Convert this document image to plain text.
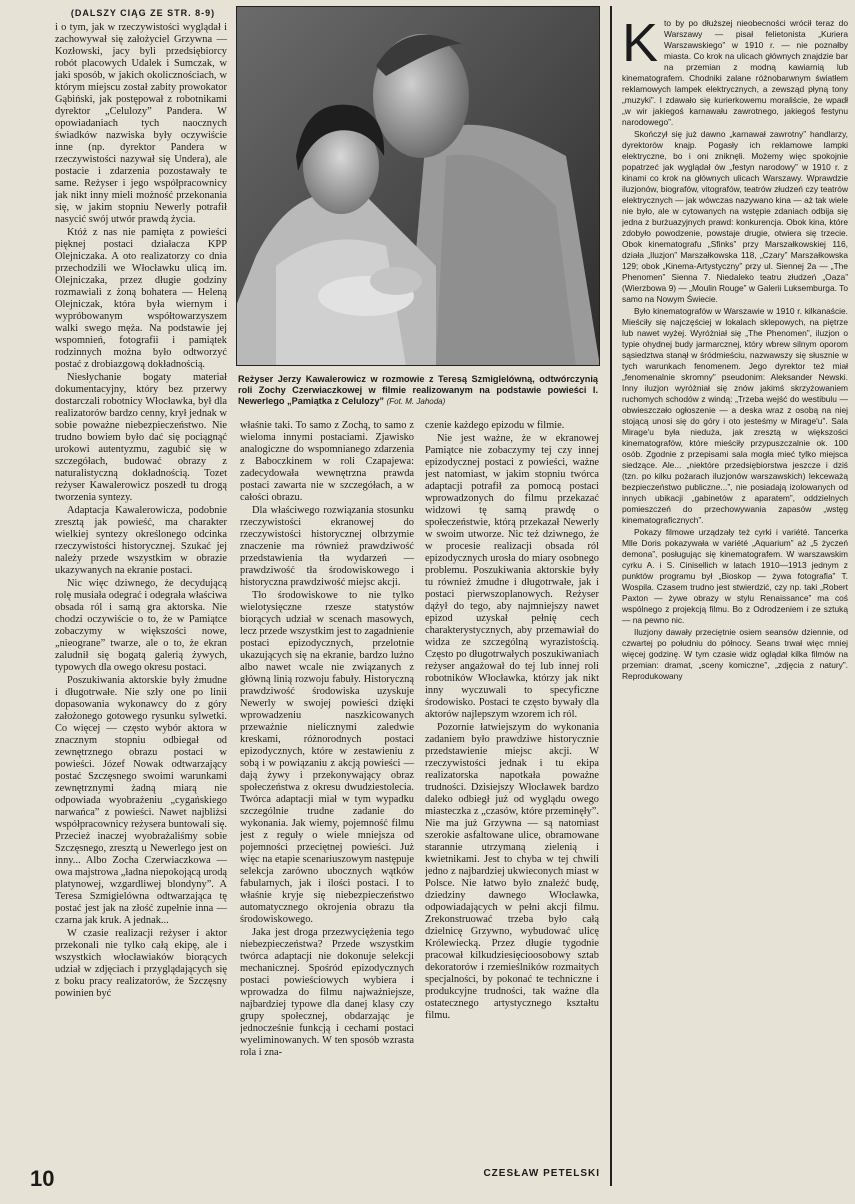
(DALSZY CIĄG ZE STR. 8-9)

i o tym, jak w rzeczywistości wyglądał i zachowywał się założyciel Grzywna — Kozłowski, jacy byli przedsiębiorcy robót placowych Udalek i Sumczak, w jaki sposób, w jakich okolicznościach, w którym miejscu został zabity prowokator Gąbiński, jak postępował z robotnikami dyrektor „Celulozy” Pandera. W opowiadaniach tych naocznych świadków nazwiska były oczywiście inne (np. dyrektor Pandera w rzeczywistości nazywał się Undera), ale postacie i zdarzenia pozostawały te same. Reżyser i jego współpracownicy jak nikt inny mieli możność przekonania się, w jakim stopniu Newerly potrafił nasycić swój utwór prawdą życia.

Któż z nas nie pamięta z powieści pięknej postaci działacza KPP Olejniczaka. A oto realizatorzy co dnia przechodzili we Włocławku ulicą im. Olejniczaka, przez długie godziny rozmawiali z żoną bohatera — Heleną Olejniczak, która była wiernym i wypróbowanym współtowarzyszem walki swego męża. Na podstawie jej wspomnień, fotografii i pamiątek rodzinnych można było odtworzyć postać z drobiazgową dokładnością.

Niesłychanie bogaty materiał dokumentacyjny, który bez przerwy dostarczali robotnicy Włocławka, był dla realizatorów bardzo cenny, krył jednak w sobie poważne niebezpieczeństwo. Nie trudno bowiem było dać się pociągnąć urokowi autentyzmu, zagubić się w szczegółach, budować obrazy z naturalistyczną dokładnością. Tozet reżyser Kawalerowicz poszedł tu drogą tworzenia syntezy.

Adaptacja Kawalerowicza, podobnie zresztą jak powieść, ma charakter wielkiej syntezy określonego odcinka rzeczywistości historycznej. Szukać jej należy przede wszystkim w obrazie ukazywanych na ekranie postaci.

Nic więc dziwnego, że decydującą rolę musiała odegrać i odegrała właściwa obsada ról i samą gra aktorska. Nie chodzi oczywiście o to, że w Pamiątce zobaczymy w większości nowe, „nieograne” twarze, ale o to, że ekran zaludnił się bogatą galerią żywych, typowych dla owego okresu postaci.

Poszukiwania aktorskie były żmudne i długotrwałe. Nie szły one po linii dopasowania wykonawcy do z góry założonego gotowego rysunku sylwetki. Co więcej — często wybór aktora w znacznym stopniu odbiegał od zewnętrznego obrazu postaci w powieści. Józef Nowak odtwarzający postać Szczęsnego swoimi warunkami zewnętrznymi żadną miarą nie odpowiada wyobrażeniu „cygańskiego narwańca” z powieści. Nawet najbliżsi współpracownicy reżysera buntowali się. Przecież inaczej wyobrażaliśmy sobie Szczęsnego, zresztą u Newerlego jest on inny... Albo Zocha Czerwiaczkowa — owa majstrowa „ładna niepokojącą urodą platynowej, wzgardliwej blondyny”. A Teresa Szmigielówna odtwarzająca tę postać jest jak na złość zupełnie inna — czarna jak kruk. A jednak...

W czasie realizacji reżyser i aktor przekonali nie tylko całą ekipę, ale i wszystkich włocławiaków biorących udział w zdjęciach i przyglądających się z boku pracy realizatorów, że Szczęsny powinien być

Reżyser Jerzy Kawalerowicz w rozmowie z Teresą Szmiglelówną, odtwórczynią roli Zochy Czerwiaczkowej w filmie realizowanym na podstawie powieści I. Newerlego „Pamiątka z Celulozy” (Fot. M. Jahoda)

właśnie taki. To samo z Zochą, to samo z wieloma innymi postaciami. Zjawisko analogiczne do wspomnianego zdarzenia z Baboczkinem w roli Czapajewa: zadecydowała wewnętrzna prawda postaci zawarta nie w szczegółach, a w całości obrazu.

Dla właściwego rozwiązania stosunku rzeczywistości ekranowej do rzeczywistości historycznej olbrzymie znaczenie ma również prawdziwość przedstawienia tła wydarzeń — prawdziwość tła środowiskowego i historyczna prawdziwość miejsc akcji.

Tło środowiskowe to nie tylko wielotysięczne rzesze statystów biorących udział w scenach masowych, lecz przede wszystkim jest to zagadnienie postaci epizodycznych, przelotnie ukazujących się na ekranie, bardzo luźno albo nawet wcale nie związanych z główną linią rozwoju fabuły. Historyczną prawdziwość środowiska uzyskuje Newerly w swojej powieści dzięki wprowadzeniu naszkicowanych przeważnie nielicznymi zaledwie kreskami, różnorodnych postaci epizodycznych, które w zestawieniu z sobą i w powiązaniu z akcją powieści — dają żywy i przekonywający obraz społeczeństwa z okresu dwudziestolecia. Twórca adaptacji miał w tym wypadku szczególnie trudne zadanie do wykonania. Jak wiemy, pojemność filmu jest z reguły o wiele mniejsza od pojemności przeciętnej powieści. Już więc na etapie scenariuszowym następuje selekcja zarówno ubocznych wątków fabularnych, jak i ilości postaci. I to właśnie kryje się niebezpieczeństwo automatycznego okrojenia obrazu tła środowiskowego.

Jaka jest droga przezwyciężenia tego niebezpieczeństwa? Przede wszystkim twórca adaptacji nie dokonuje selekcji mechanicznej. Spośród epizodycznych postaci powieściowych wybiera i wprowadza do filmu najważniejsze, najbardziej typowe dla danej klasy czy grupy społecznej, obdarzając je jednocześnie funkcją i cechami postaci wyeliminowanych. W ten sposób wzrasta rola i zna-

czenie każdego epizodu w filmie.

Nie jest ważne, że w ekranowej Pamiątce nie zobaczymy tej czy innej epizodycznej postaci z powieści, ważne jest natomiast, w jakim stopniu twórca adaptacji potrafił za pomocą postaci wprowadzonych do filmu przekazać widzowi tę samą prawdę o społeczeństwie, którą przekazał Newerly w swoim utworze. Nic też dziwnego, że w procesie realizacji obsada ról epizodycznych urosła do miary osobnego problemu. Poszukiwania aktorskie były tu również żmudne i długotrwałe, jak i postaci pierwszoplanowych. Reżyser dążył do tego, aby najmniejszy nawet epizod uzyskał pełnię cech charakterystycznych, aby przemawiał do widza ze szczególną wyrazistością. Często po długotrwałych poszukiwaniach reżyser angażował do tej lub innej roli robotników Włocławka, którzy jak nikt inny wyczuwali to specyficzne środowisko. Postaci te często bywały dla aktorów najlepszym wzorem ich ról.

Pozornie łatwiejszym do wykonania zadaniem było prawdziwe historycznie przedstawienie miejsc akcji. W rzeczywistości jednak i tu ekipa realizatorska napotkała poważne trudności. Dzisiejszy Włocławek bardzo daleko odbiegł już od wyglądu owego miasteczka z „czasów, które przeminęły”. Nie ma już Grzywna — są natomiast szerokie asfaltowane ulice, obramowane starannie utrzymaną zielenią i kwietnikami. Jest to chyba w tej chwili jedno z najbardziej ukwieconych miast w Polsce. Nie łatwo było znaleźć budę, dziedziny dawnego Włocławka, odpowiadających w pełni akcji filmu. Zrekonstruować trzeba było całą dzielnicę Grzywno, wybudować ulicę Królewiecką. Przez długie tygodnie pracował kilkudziesięcioosobowy sztab dekoratorów i rzemieślników rozmaitych specjalności, by pokonać te techniczne i produkcyjne trudności, tak ważne dla ostatecznego artystycznego kształtu filmu.

CZESŁAW PETELSKI
K to by po dłuższej nieobecności wrócił teraz do Warszawy — pisał felietonista „Kuriera Warszawskiego” w 1910 r. — nie poznałby miasta. Co krok na ulicach głównych znajdzie bar na przemian z modną kawiarnią lub kinematografem. Chodniki zalane różnobarwnym światłem reklamowych lampek elektrycznych, a zewsząd płyną tony „muzyki”. I zdawało się kurierkowemu moraliście, że wpadł „w wir jakiegoś karnawału zawrotnego, jakiegoś festynu narodowego”.

Skończył się już dawno „karnawał zawrotny” handlarzy, dyrektorów knajp. Pogasły ich reklamowe lampki elektryczne, bo i oni zniknęli. Możemy więc spokojnie popatrzeć jak wyglądał ów „festyn narodowy” w 1910 r. z kinami co krok na głównych ulicach Warszawy. Wprawdzie iluzjonów, biografów, vitografów, teatrów złudzeń czy teatrów elektrycznych — jak wówczas nazywano kina — aż tak wiele nie było, ale w cytowanych na wstępie zdaniach odbija się jedna z burżuazyjnych prawd: konkurencja. Obok kina, które zdobyło powodzenie, powstaje drugie, otwiera się trzecie. Obok kinematografu „Sfinks” przy Marszałkowskiej 116, działa „Iluzjon” Marszałkowska 118, „Czary” Marszałkowska 129; obok „Kinema-Artystyczny” przy ul. Siennej 2a — „The Phenomen” Sienna 7. Niedaleko teatru złudzeń „Oaza” (Wierzbowa 9) — „Moulin Rouge” w Galerii Luksemburga. To samo na Nowym Świecie.

Było kinematografów w Warszawie w 1910 r. kilkanaście. Mieściły się najczęściej w lokalach sklepowych, na piętrze lub nawet wyżej. Wyróżniał się „The Phenomen”, iluzjon o typie ohydnej budy jarmarcznej, który wbrew silnym oporom sąsiedztwa stanął w śródmieściu, nazwawszy się słusznie w tych warunkach fenomenem. Jego dyrektor też miał „fenomenalnie skromny” pseudonim: Aleksander Newski. Inny iluzjon wyróżniał się znów jakimś skrzyżowaniem ruchomych schodów z windą: „Trzeba wejść do westibulu — obwieszczało ogłoszenie — a deska wraz z osobą na niej stojącą unosi się do góry i oto jesteśmy w Mirage'u”. Sala Mirage'u była nieduża, jak zresztą w większości kinematografów, które mieściły przypuszczalnie ok. 100 osób. Zgodnie z przepisami sala mogła mieć tylko miejsca siedzące. Ale... „niektóre przedsiębiorstwa jeszcze i dziś (tzn. po kilku pożarach iluzjonów warszawskich) lekceważą bezpieczeństwo publiczne...”, nie posiadają izolowanych od innych ubikacji „gabinetów z aparatem”, oddzielnych pomieszczeń do przechowywania zapasów „wstęg kinematograficznych”.

Pokazy filmowe urządzały też cyrki i variété. Tancerka Mlle Doris pokazywała w variété „Aquarium” aż „5 życzeń demona”, posługując się kinematografem. W warszawskim cyrku A. i S. Cinisellich w latach 1910—1913 jednym z punktów programu był „Bioskop — żywa fotografia” T. Wospila. Czasem trudno jest stwierdzić, czy np. taki „Robert Paxton — żywe obrazy w stylu Renaissance” ma coś wspólnego z projekcją filmu. Bo z Odrodzeniem i ze sztuką — na pewno nic.

Iluzjony dawały przeciętnie osiem seansów dziennie, od czwartej po południu do północy. Seans trwał więc mniej więcej godzinę. W tym czasie widz oglądał kilka filmów na przemian: dramat, „sceny komiczne”, „zdjęcia z natury”. Reprodukowany

10
